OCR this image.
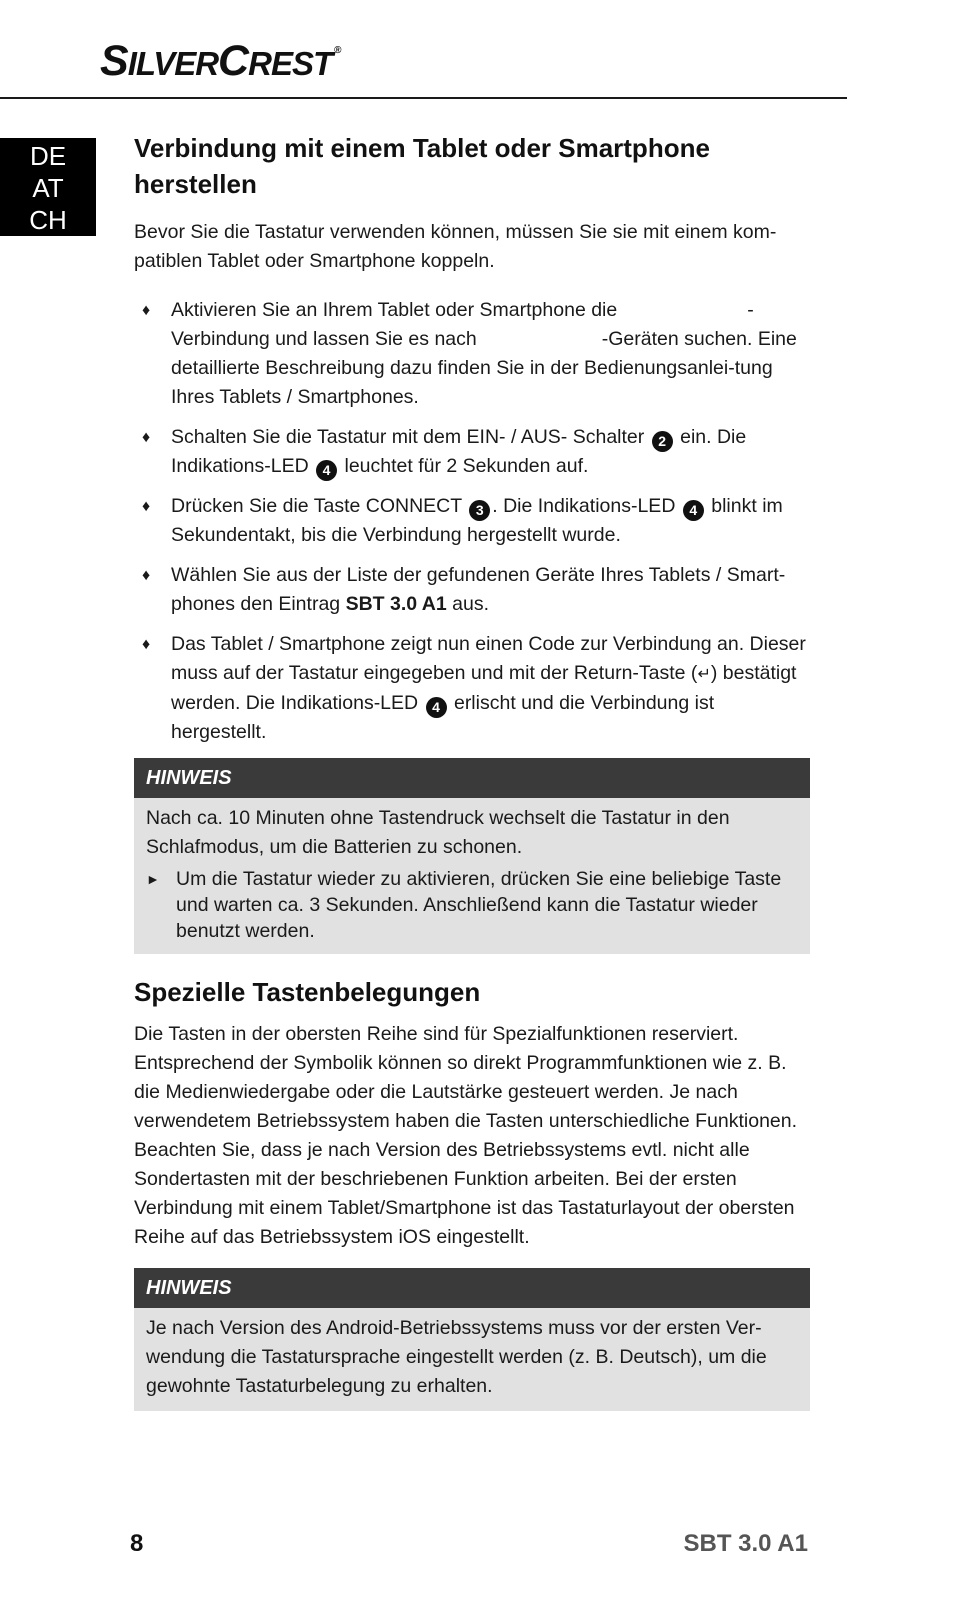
SILVERCREST ®
DE
AT
CH
Verbindung mit einem Tablet oder Smartphone herstellen

Bevor Sie die Tastatur verwenden können, müssen Sie sie mit einem kom-patiblen Tablet oder Smartphone koppeln.

♦ Aktivieren Sie an Ihrem Tablet oder Smartphone die	- Verbindung und lassen Sie es nach	-Geräten suchen. Eine detaillierte Beschreibung dazu finden Sie in der Bedienungsanlei-tung Ihres Tablets / Smartphones.
♦ Schalten Sie die Tastatur mit dem EIN- / AUS- Schalter 2 ein. Die Indikations-LED 4 leuchtet für 2 Sekunden auf.
♦ Drücken Sie die Taste CONNECT 3 . Die Indikations-LED 4 blinkt im Sekundentakt, bis die Verbindung hergestellt wurde.
♦ Wählen Sie aus der Liste der gefundenen Geräte Ihres Tablets / Smart-phones den Eintrag SBT 3.0 A1 aus.
♦ Das Tablet / Smartphone zeigt nun einen Code zur Verbindung an. Dieser muss auf der Tastatur eingegeben und mit der Return-Taste (↵) bestätigt werden. Die Indikations-LED 4 erlischt und die Verbindung ist hergestellt.
HINWEIS

Nach ca. 10 Minuten ohne Tastendruck wechselt die Tastatur in den Schlafmodus, um die Batterien zu schonen.

► Um die Tastatur wieder zu aktivieren, drücken Sie eine beliebige Taste und warten ca. 3 Sekunden. Anschließend kann die Tastatur wieder benutzt werden.
Spezielle Tastenbelegungen

Die Tasten in der obersten Reihe sind für Spezialfunktionen reserviert. Entsprechend der Symbolik können so direkt Programmfunktionen wie z. B. die Medienwiedergabe oder die Lautstärke gesteuert werden. Je nach verwendetem Betriebssystem haben die Tasten unterschiedliche Funktionen. Beachten Sie, dass je nach Version des Betriebssystems evtl. nicht alle Sondertasten mit der beschriebenen Funktion arbeiten. Bei der ersten Verbindung mit einem Tablet/Smartphone ist das Tastaturlayout der obersten Reihe auf das Betriebssystem iOS eingestellt.

HINWEIS

Je nach Version des Android-Betriebssystems muss vor der ersten Ver-wendung die Tastatursprache eingestellt werden (z. B. Deutsch), um die gewohnte Tastaturbelegung zu erhalten.

8	SBT 3.0 A1
